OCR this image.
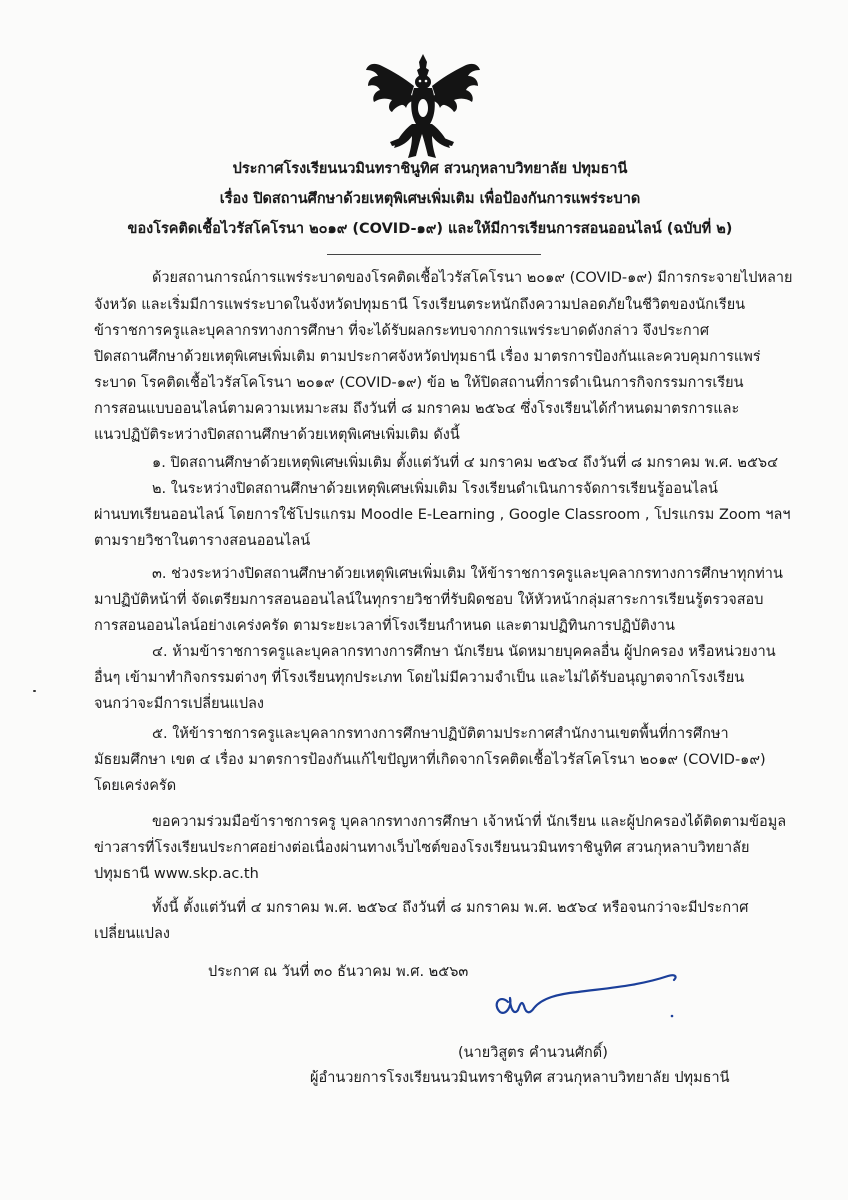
ประกาศโรงเรียนนวมินทราชินูทิศ สวนกุหลาบวิทยาลัย ปทุมธานี
เรื่อง ปิดสถานศึกษาด้วยเหตุพิเศษเพิ่มเติม เพื่อป้องกันการแพร่ระบาด
ของโรคติดเชื้อไวรัสโคโรนา ๒๐๑๙ (COVID-๑๙) และให้มีการเรียนการสอนออนไลน์ (ฉบับที่ ๒)
ด้วยสถานการณ์การแพร่ระบาดของโรคติดเชื้อไวรัสโคโรนา ๒๐๑๙ (COVID-๑๙) มีการกระจายไปหลาย
จังหวัด และเริ่มมีการแพร่ระบาดในจังหวัดปทุมธานี โรงเรียนตระหนักถึงความปลอดภัยในชีวิตของนักเรียน
ข้าราชการครูและบุคลากรทางการศึกษา ที่จะได้รับผลกระทบจากการแพร่ระบาดดังกล่าว จึงประกาศ
ปิดสถานศึกษาด้วยเหตุพิเศษเพิ่มเติม ตามประกาศจังหวัดปทุมธานี เรื่อง มาตรการป้องกันและควบคุมการแพร่
ระบาด โรคติดเชื้อไวรัสโคโรนา ๒๐๑๙ (COVID-๑๙) ข้อ ๒ ให้ปิดสถานที่การดำเนินการกิจกรรมการเรียน
การสอนแบบออนไลน์ตามความเหมาะสม ถึงวันที่ ๘ มกราคม ๒๕๖๔ ซึ่งโรงเรียนได้กำหนดมาตรการและ
แนวปฏิบัติระหว่างปิดสถานศึกษาด้วยเหตุพิเศษเพิ่มเติม ดังนี้
๑. ปิดสถานศึกษาด้วยเหตุพิเศษเพิ่มเติม ตั้งแต่วันที่ ๔ มกราคม ๒๕๖๔ ถึงวันที่ ๘ มกราคม พ.ศ. ๒๕๖๔
๒. ในระหว่างปิดสถานศึกษาด้วยเหตุพิเศษเพิ่มเติม โรงเรียนดำเนินการจัดการเรียนรู้ออนไลน์
ผ่านบทเรียนออนไลน์ โดยการใช้โปรแกรม Moodle E-Learning , Google Classroom , โปรแกรม Zoom ฯลฯ
ตามรายวิชาในตารางสอนออนไลน์
๓. ช่วงระหว่างปิดสถานศึกษาด้วยเหตุพิเศษเพิ่มเติม ให้ข้าราชการครูและบุคลากรทางการศึกษาทุกท่าน
มาปฏิบัติหน้าที่ จัดเตรียมการสอนออนไลน์ในทุกรายวิชาที่รับผิดชอบ ให้หัวหน้ากลุ่มสาระการเรียนรู้ตรวจสอบ
การสอนออนไลน์อย่างเคร่งครัด ตามระยะเวลาที่โรงเรียนกำหนด และตามปฏิทินการปฏิบัติงาน
๔. ห้ามข้าราชการครูและบุคลากรทางการศึกษา นักเรียน นัดหมายบุคคลอื่น ผู้ปกครอง หรือหน่วยงาน
อื่นๆ เข้ามาทำกิจกรรมต่างๆ ที่โรงเรียนทุกประเภท โดยไม่มีความจำเป็น และไม่ได้รับอนุญาตจากโรงเรียน
จนกว่าจะมีการเปลี่ยนแปลง
๕. ให้ข้าราชการครูและบุคลากรทางการศึกษาปฏิบัติตามประกาศสำนักงานเขตพื้นที่การศึกษา
มัธยมศึกษา เขต ๔ เรื่อง มาตรการป้องกันแก้ไขปัญหาที่เกิดจากโรคติดเชื้อไวรัสโคโรนา ๒๐๑๙ (COVID-๑๙)
โดยเคร่งครัด
ขอความร่วมมือข้าราชการครู บุคลากรทางการศึกษา เจ้าหน้าที่ นักเรียน และผู้ปกครองได้ติดตามข้อมูล
ข่าวสารที่โรงเรียนประกาศอย่างต่อเนื่องผ่านทางเว็บไซต์ของโรงเรียนนวมินทราชินูทิศ สวนกุหลาบวิทยาลัย
ปทุมธานี www.skp.ac.th
ทั้งนี้ ตั้งแต่วันที่ ๔ มกราคม พ.ศ. ๒๕๖๔ ถึงวันที่ ๘ มกราคม พ.ศ. ๒๕๖๔ หรือจนกว่าจะมีประกาศ
เปลี่ยนแปลง
ประกาศ ณ วันที่ ๓๐ ธันวาคม พ.ศ. ๒๕๖๓
(นายวิสูตร คำนวนศักดิ์)
ผู้อำนวยการโรงเรียนนวมินทราชินูทิศ สวนกุหลาบวิทยาลัย ปทุมธานี
